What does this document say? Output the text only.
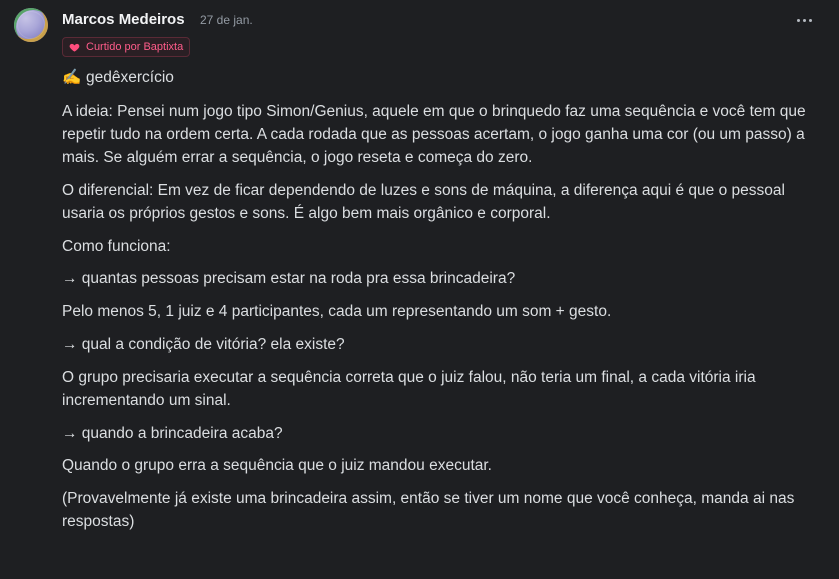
Marcos Medeiros 27 de jan.
Curtido por Baptixta

✍️ gedêxercício

A ideia: Pensei num jogo tipo Simon/Genius, aquele em que o brinquedo faz uma sequência e você tem que repetir tudo na ordem certa. A cada rodada que as pessoas acertam, o jogo ganha uma cor (ou um passo) a mais. Se alguém errar a sequência, o jogo reseta e começa do zero.

O diferencial: Em vez de ficar dependendo de luzes e sons de máquina, a diferença aqui é que o pessoal usaria os próprios gestos e sons. É algo bem mais orgânico e corporal.

Como funciona:

→ quantas pessoas precisam estar na roda pra essa brincadeira?

Pelo menos 5, 1 juiz e 4 participantes, cada um representando um som + gesto.

→ qual a condição de vitória? ela existe?

O grupo precisaria executar a sequência correta que o juiz falou, não teria um final, a cada vitória iria incrementando um sinal.

→ quando a brincadeira acaba?

Quando o grupo erra a sequência que o juiz mandou executar.

(Provavelmente já existe uma brincadeira assim, então se tiver um nome que você conheça, manda ai nas respostas)
